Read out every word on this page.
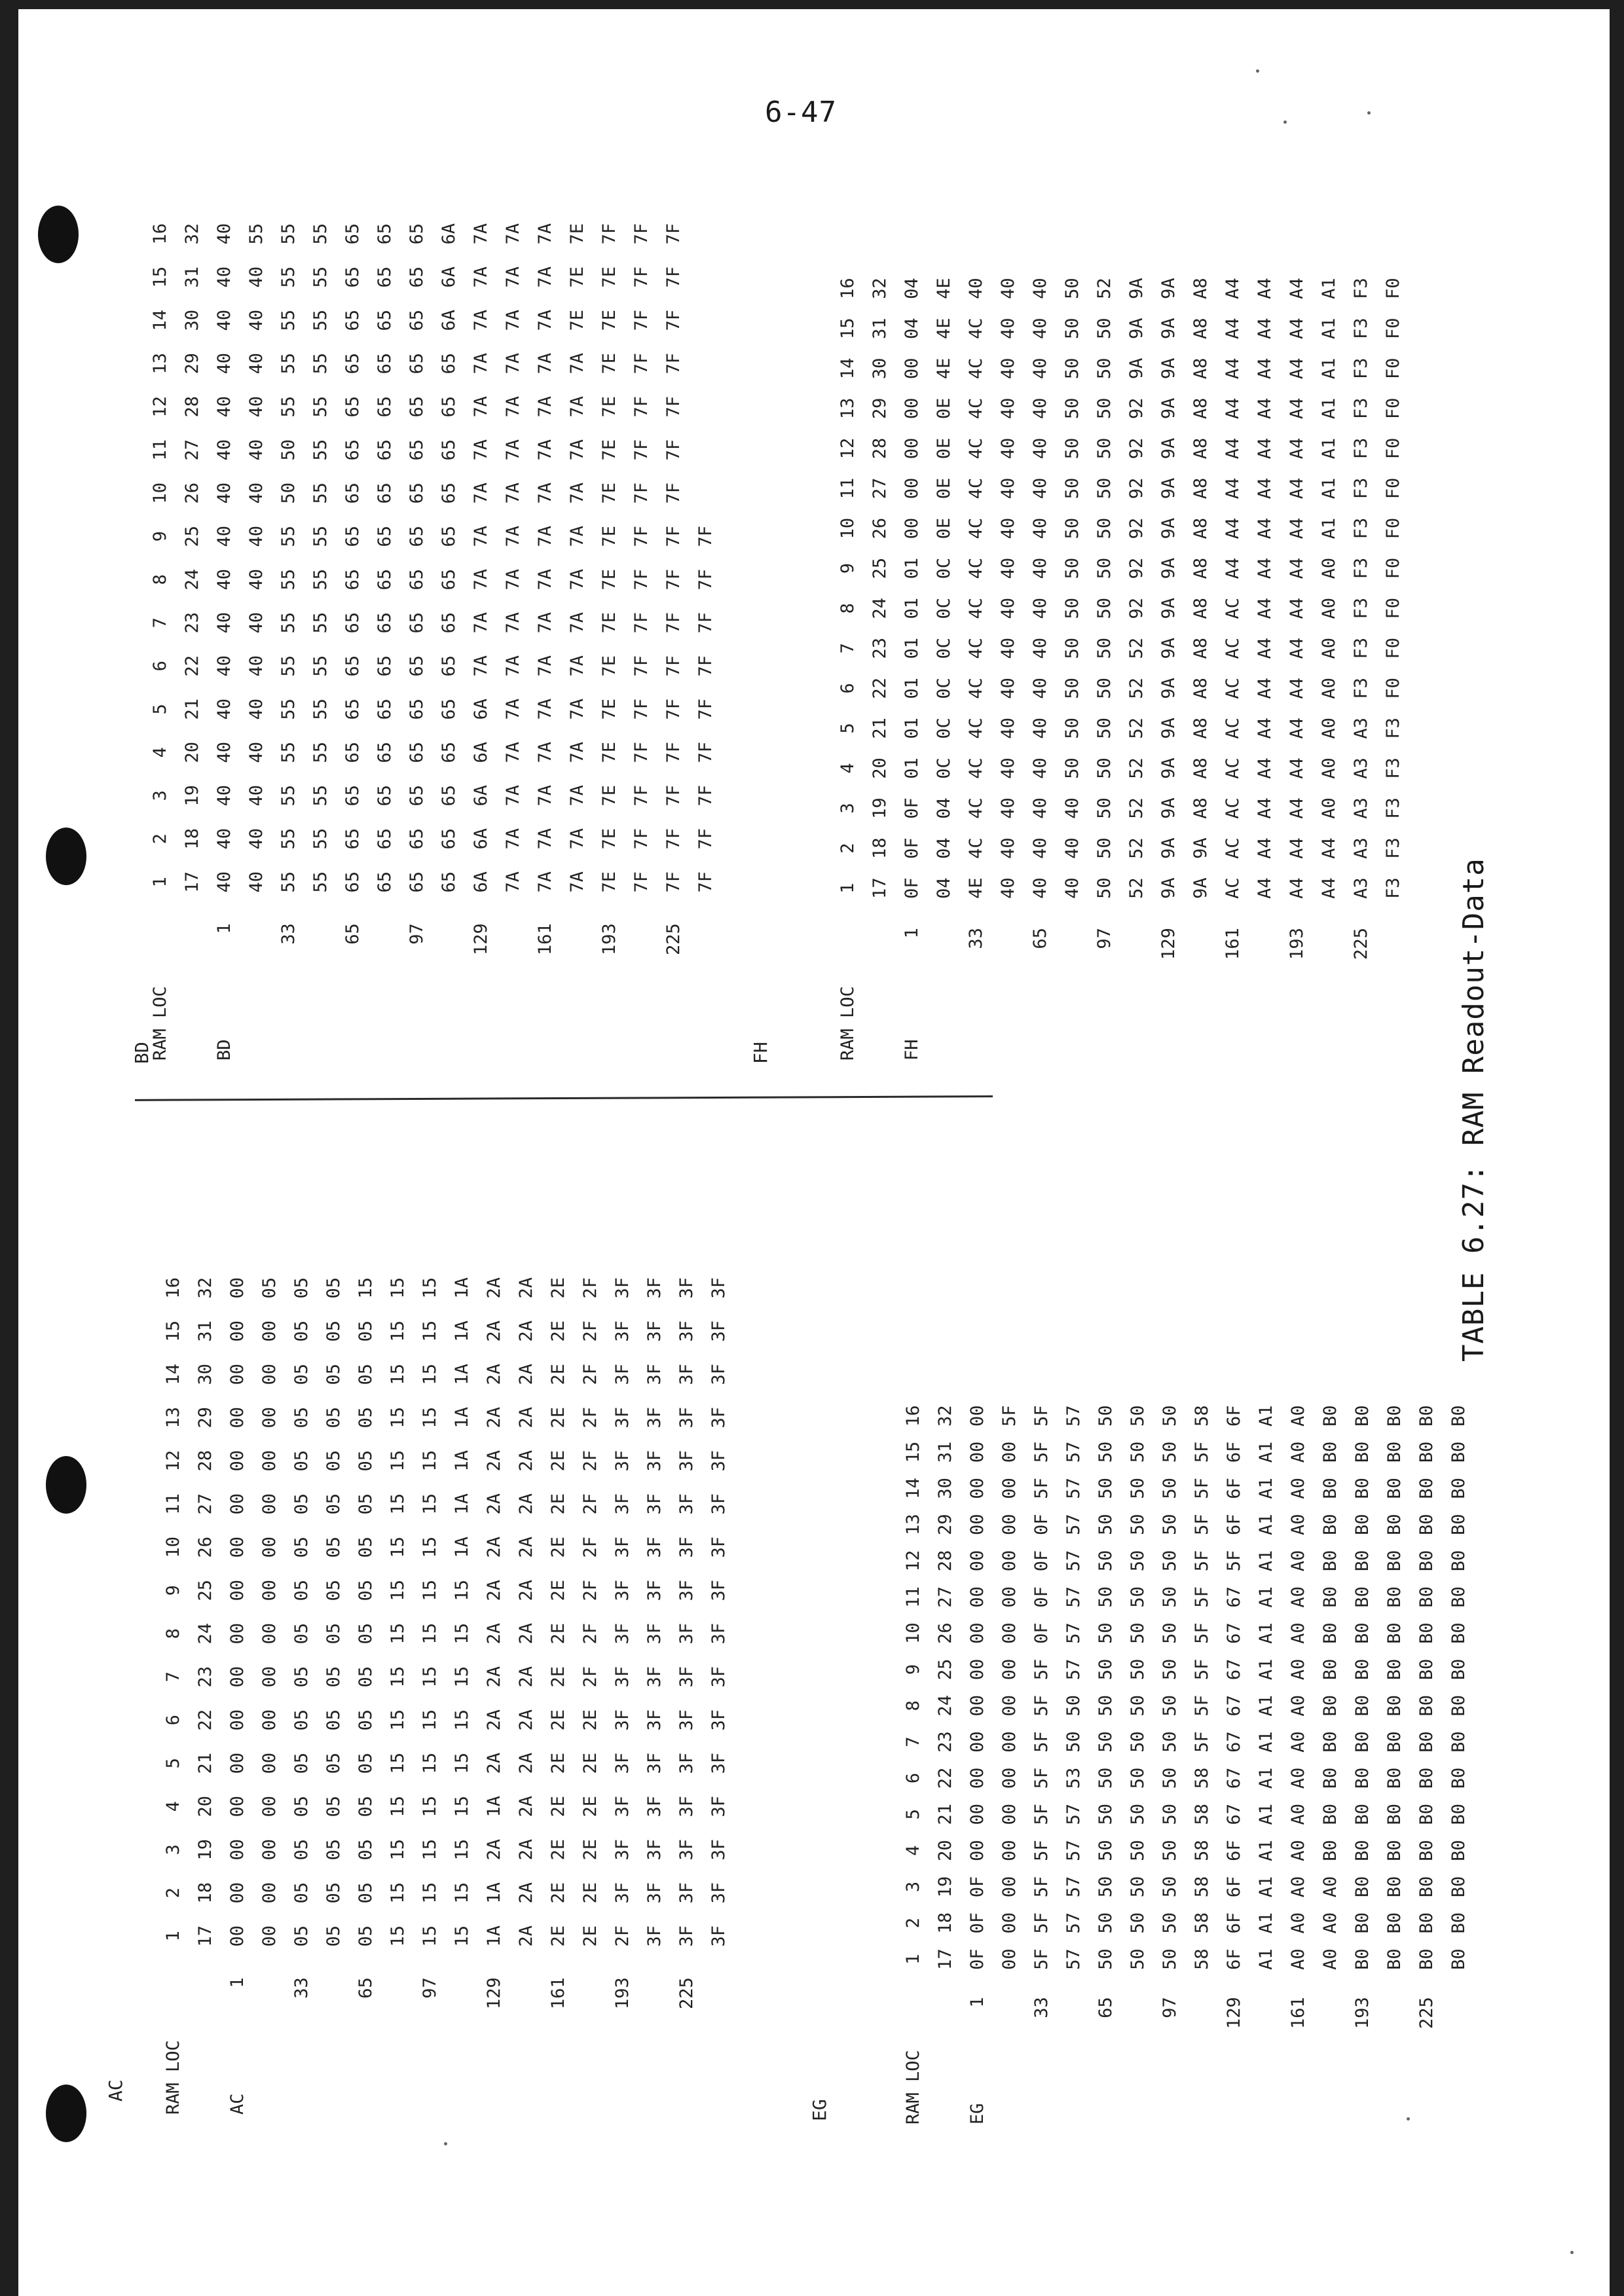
6-47
TABLE 6.27: RAM Readout-Data
BD	FH
AC
EG
RAM LOC		1	2	3	4	5	6	7	8	9	10	11	12	13	14	15	16
		17	18	19	20	21	22	23	24	25	26	27	28	29	30	31	32

BD	1	40	40	40	40	40	40	40	40	40	40	40	40	40	40	40	40
		40	40	40	40	40	40	40	40	40	40	40	40	40	40	40	55
	33	55	55	55	55	55	55	55	55	55	50	50	55	55	55	55	55
		55	55	55	55	55	55	55	55	55	55	55	55	55	55	55	55
	65	65	65	65	65	65	65	65	65	65	65	65	65	65	65	65	65
		65	65	65	65	65	65	65	65	65	65	65	65	65	65	65	65
	97	65	65	65	65	65	65	65	65	65	65	65	65	65	65	65	65
		65	65	65	65	65	65	65	65	65	65	65	65	65	6A	6A	6A
	129	6A	6A	6A	6A	6A	7A	7A	7A	7A	7A	7A	7A	7A	7A	7A	7A
		7A	7A	7A	7A	7A	7A	7A	7A	7A	7A	7A	7A	7A	7A	7A	7A
	161	7A	7A	7A	7A	7A	7A	7A	7A	7A	7A	7A	7A	7A	7A	7A	7A
		7A	7A	7A	7A	7A	7A	7A	7A	7A	7A	7A	7A	7A	7E	7E	7E
	193	7E	7E	7E	7E	7E	7E	7E	7E	7E	7E	7E	7E	7E	7E	7E	7F
		7F	7F	7F	7F	7F	7F	7F	7F	7F	7F	7F	7F	7F	7F	7F	7F
	225	7F	7F	7F	7F	7F	7F	7F	7F	7F	7F	7F	7F	7F	7F	7F	7F
		7F	7F	7F	7F	7F	7F	7F	7F	7F							
RAM LOC		1	2	3	4	5	6	7	8	9	10	11	12	13	14	15	16
		17	18	19	20	21	22	23	24	25	26	27	28	29	30	31	32

FH	1	0F	0F	0F	01	01	01	01	01	01	00	00	00	00	00	04	04
		04	04	04	0C	0C	0C	0C	0C	0C	0E	0E	0E	0E	4E	4E	4E
	33	4E	4C	4C	4C	4C	4C	4C	4C	4C	4C	4C	4C	4C	4C	4C	40
		40	40	40	40	40	40	40	40	40	40	40	40	40	40	40	40
	65	40	40	40	40	40	40	40	40	40	40	40	40	40	40	40	40
		40	40	40	50	50	50	50	50	50	50	50	50	50	50	50	50
	97	50	50	50	50	50	50	50	50	50	50	50	50	50	50	50	52
		52	52	52	52	52	52	52	92	92	92	92	92	92	9A	9A	9A
	129	9A	9A	9A	9A	9A	9A	9A	9A	9A	9A	9A	9A	9A	9A	9A	9A
		9A	9A	A8	A8	A8	A8	A8	A8	A8	A8	A8	A8	A8	A8	A8	A8
	161	AC	AC	AC	AC	AC	AC	AC	AC	A4	A4	A4	A4	A4	A4	A4	A4
		A4	A4	A4	A4	A4	A4	A4	A4	A4	A4	A4	A4	A4	A4	A4	A4
	193	A4	A4	A4	A4	A4	A4	A4	A4	A4	A4	A4	A4	A4	A4	A4	A4
		A4	A4	A0	A0	A0	A0	A0	A0	A0	A1	A1	A1	A1	A1	A1	A1
	225	A3	A3	A3	A3	A3	F3	F3	F3	F3	F3	F3	F3	F3	F3	F3	F3
		F3	F3	F3	F3	F3	F0	F0	F0	F0	F0	F0	F0	F0	F0	F0	F0
RAM LOC		1	2	3	4	5	6	7	8	9	10	11	12	13	14	15	16
		17	18	19	20	21	22	23	24	25	26	27	28	29	30	31	32

AC	1	00	00	00	00	00	00	00	00	00	00	00	00	00	00	00	00
		00	00	00	00	00	00	00	00	00	00	00	00	00	00	00	05
	33	05	05	05	05	05	05	05	05	05	05	05	05	05	05	05	05
		05	05	05	05	05	05	05	05	05	05	05	05	05	05	05	05
	65	05	05	05	05	05	05	05	05	05	05	05	05	05	05	05	15
		15	15	15	15	15	15	15	15	15	15	15	15	15	15	15	15
	97	15	15	15	15	15	15	15	15	15	15	15	15	15	15	15	15
		15	15	15	15	15	15	15	15	15	1A	1A	1A	1A	1A	1A	1A
	129	1A	1A	2A	1A	2A	2A	2A	2A	2A	2A	2A	2A	2A	2A	2A	2A
		2A	2A	2A	2A	2A	2A	2A	2A	2A	2A	2A	2A	2A	2A	2A	2A
	161	2E	2E	2E	2E	2E	2E	2E	2E	2E	2E	2E	2E	2E	2E	2E	2E
		2E	2E	2E	2E	2E	2E	2F	2F	2F	2F	2F	2F	2F	2F	2F	2F
	193	2F	3F	3F	3F	3F	3F	3F	3F	3F	3F	3F	3F	3F	3F	3F	3F
		3F	3F	3F	3F	3F	3F	3F	3F	3F	3F	3F	3F	3F	3F	3F	3F
	225	3F	3F	3F	3F	3F	3F	3F	3F	3F	3F	3F	3F	3F	3F	3F	3F
		3F	3F	3F	3F	3F	3F	3F	3F	3F	3F	3F	3F	3F	3F	3F	3F
RAM LOC		1	2	3	4	5	6	7	8	9	10	11	12	13	14	15	16
		17	18	19	20	21	22	23	24	25	26	27	28	29	30	31	32

EG	1	0F	0F	0F	00	00	00	00	00	00	00	00	00	00	00	00	00
		00	00	00	00	00	00	00	00	00	00	00	00	00	00	00	5F
	33	5F	5F	5F	5F	5F	5F	5F	5F	5F	0F	0F	0F	0F	5F	5F	5F
		57	57	57	57	57	53	50	50	57	57	57	57	57	57	57	57
	65	50	50	50	50	50	50	50	50	50	50	50	50	50	50	50	50
		50	50	50	50	50	50	50	50	50	50	50	50	50	50	50	50
	97	50	50	50	50	50	50	50	50	50	50	50	50	50	50	50	50
		58	58	58	58	58	58	5F	5F	5F	5F	5F	5F	5F	5F	5F	58
	129	6F	6F	6F	6F	67	67	67	67	67	67	67	5F	6F	6F	6F	6F
		A1	A1	A1	A1	A1	A1	A1	A1	A1	A1	A1	A1	A1	A1	A1	A1
	161	A0	A0	A0	A0	A0	A0	A0	A0	A0	A0	A0	A0	A0	A0	A0	A0
		A0	A0	A0	B0	B0	B0	B0	B0	B0	B0	B0	B0	B0	B0	B0	B0
	193	B0	B0	B0	B0	B0	B0	B0	B0	B0	B0	B0	B0	B0	B0	B0	B0
		B0	B0	B0	B0	B0	B0	B0	B0	B0	B0	B0	B0	B0	B0	B0	B0
	225	B0	B0	B0	B0	B0	B0	B0	B0	B0	B0	B0	B0	B0	B0	B0	B0
		B0	B0	B0	B0	B0	B0	B0	B0	B0	B0	B0	B0	B0	B0	B0	B0
